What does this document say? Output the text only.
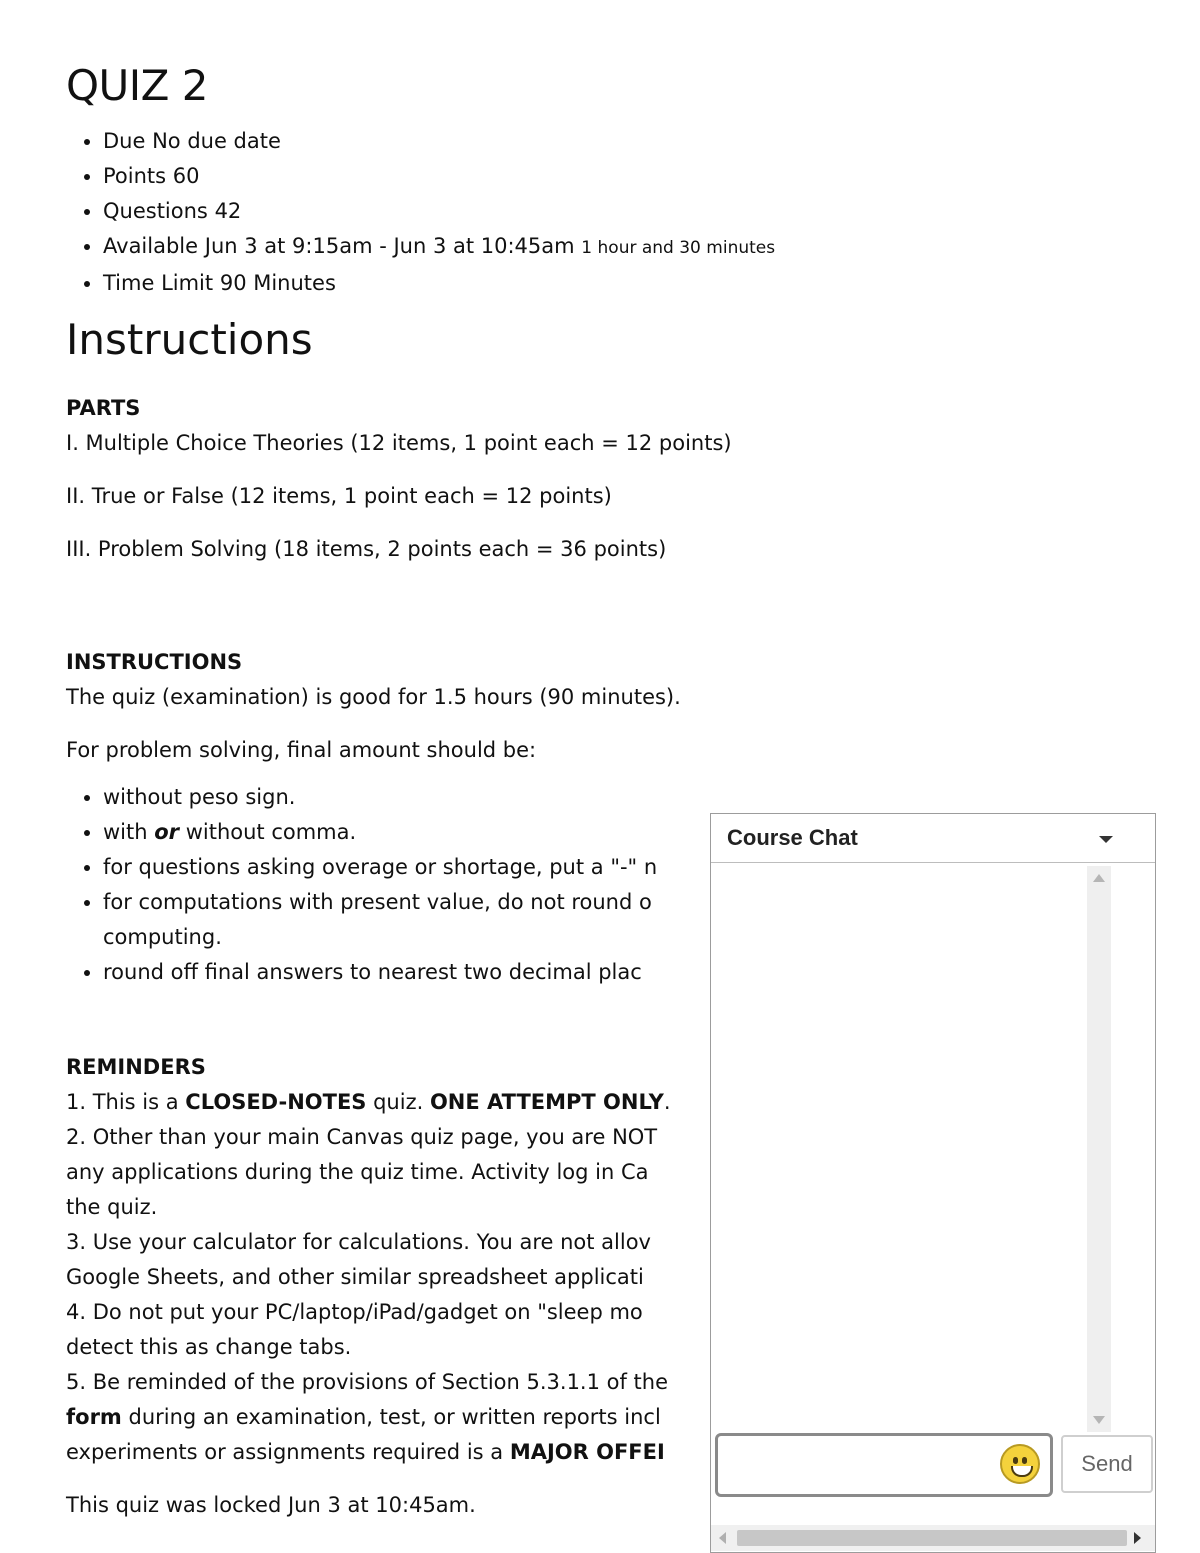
QUIZ 2
• Due No due date
• Points 60
• Questions 42
• Available Jun 3 at 9:15am - Jun 3 at 10:45am 1 hour and 30 minutes
• Time Limit 90 Minutes
Instructions

PARTS

I. Multiple Choice Theories (12 items, 1 point each = 12 points)

II. True or False (12 items, 1 point each = 12 points)

III. Problem Solving (18 items, 2 points each = 36 points)

INSTRUCTIONS

The quiz (examination) is good for 1.5 hours (90 minutes).

For problem solving, final amount should be:

• without peso sign.
• with or without comma.
• for questions asking overage or shortage, put a "-" n
• for computations with present value, do not round o
computing.
• round off final answers to nearest two decimal plac

REMINDERS

1. This is a CLOSED-NOTES quiz. ONE ATTEMPT ONLY.

2. Other than your main Canvas quiz page, you are NOT

any applications during the quiz time. Activity log in Ca

the quiz.

3. Use your calculator for calculations. You are not allov

Google Sheets, and other similar spreadsheet applicati

4. Do not put your PC/laptop/iPad/gadget on "sleep mo

detect this as change tabs.

5. Be reminded of the provisions of Section 5.3.1.1 of the

form during an examination, test, or written reports incl

experiments or assignments required is a MAJOR OFFEI

This quiz was locked Jun 3 at 10:45am.

Course Chat
Send
